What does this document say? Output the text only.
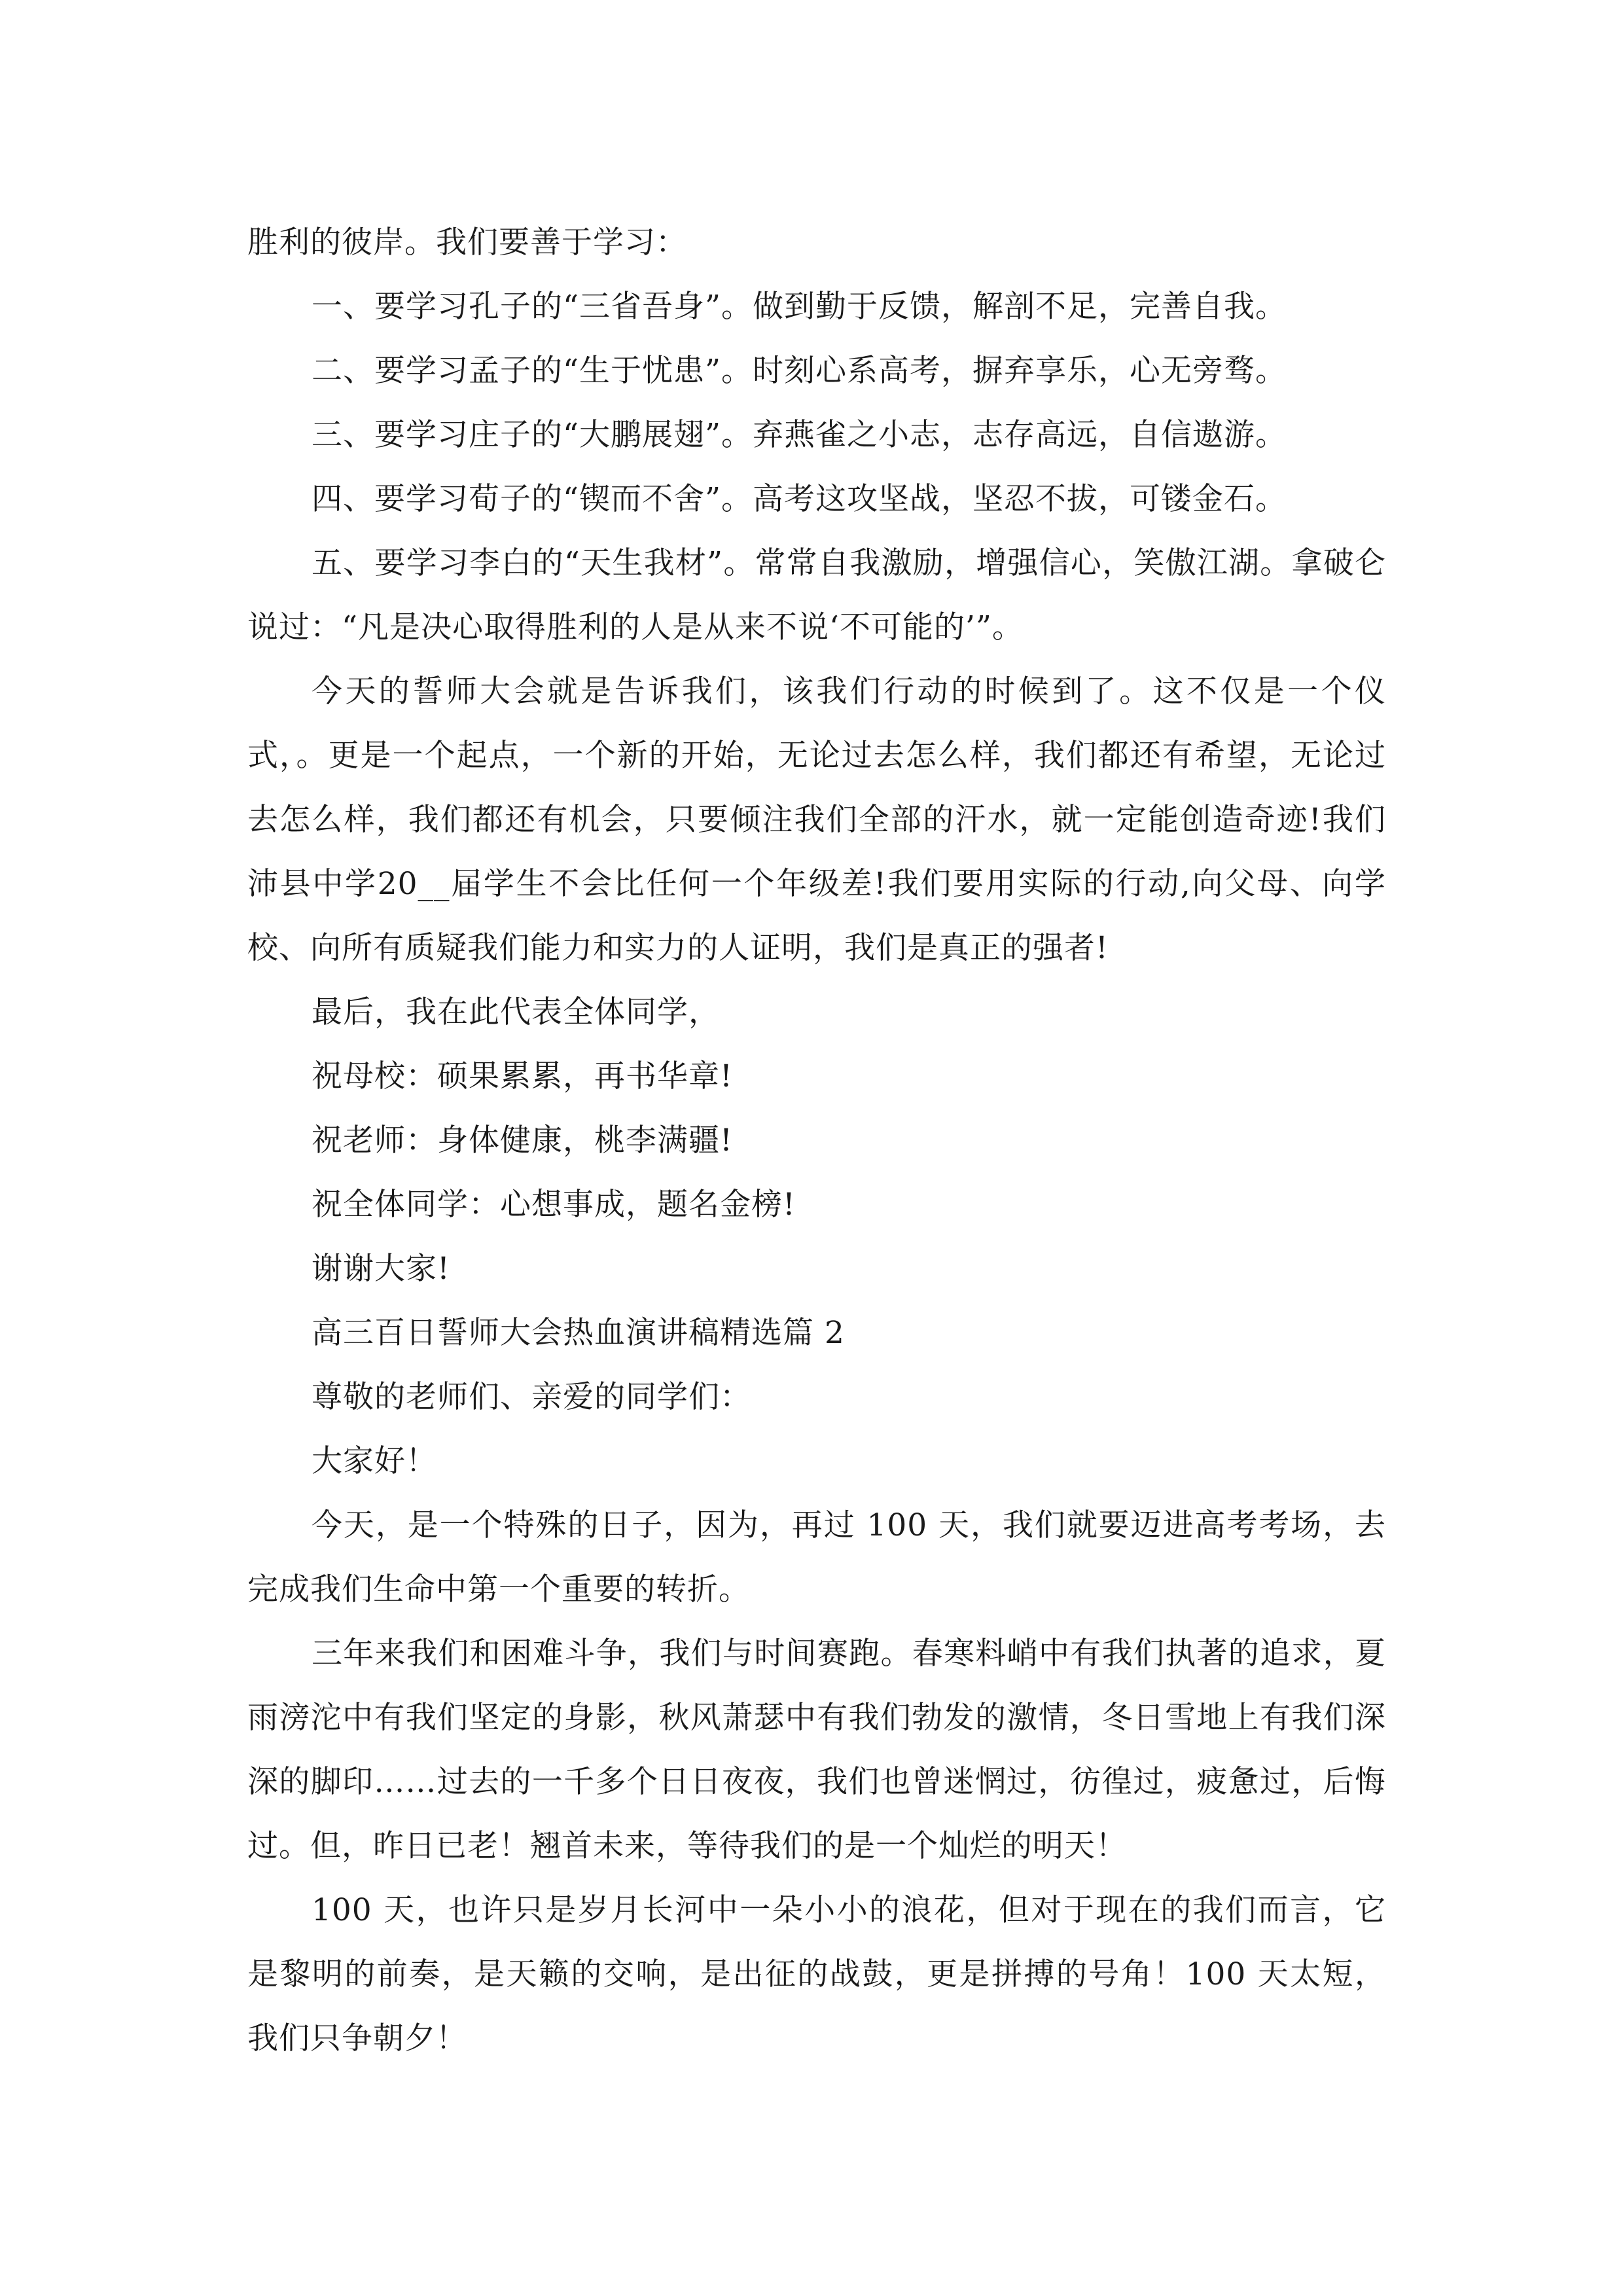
胜利的彼岸。我们要善于学习：

一、要学习孔子的“三省吾身”。做到勤于反馈，解剖不足，完善自我。

二、要学习孟子的“生于忧患”。时刻心系高考，摒弃享乐，心无旁骛。

三、要学习庄子的“大鹏展翅”。弃燕雀之小志，志存高远，自信遨游。

四、要学习荀子的“锲而不舍”。高考这攻坚战，坚忍不拔，可镂金石。

五、要学习李白的“天生我材”。常常自我激励，增强信心，笑傲江湖。拿破仑说过：“凡是决心取得胜利的人是从来不说‘不可能的’”。

今天的誓师大会就是告诉我们，该我们行动的时候到了。这不仅是一个仪式，。更是一个起点，一个新的开始，无论过去怎么样，我们都还有希望，无论过去怎么样，我们都还有机会，只要倾注我们全部的汗水，就一定能创造奇迹!我们沛县中学20__届学生不会比任何一个年级差!我们要用实际的行动,向父母、向学校、向所有质疑我们能力和实力的人证明，我们是真正的强者!

最后，我在此代表全体同学，

祝母校：硕果累累，再书华章!

祝老师：身体健康，桃李满疆!

祝全体同学：心想事成，题名金榜!

谢谢大家!

高三百日誓师大会热血演讲稿精选篇 2

尊敬的老师们、亲爱的同学们：

大家好！

今天，是一个特殊的日子，因为，再过 100 天，我们就要迈进高考考场，去完成我们生命中第一个重要的转折。

三年来我们和困难斗争，我们与时间赛跑。春寒料峭中有我们执著的追求，夏雨滂沱中有我们坚定的身影，秋风萧瑟中有我们勃发的激情，冬日雪地上有我们深深的脚印……过去的一千多个日日夜夜，我们也曾迷惘过，彷徨过，疲惫过，后悔过。但，昨日已老！翘首未来，等待我们的是一个灿烂的明天！

100 天，也许只是岁月长河中一朵小小的浪花，但对于现在的我们而言，它是黎明的前奏，是天籁的交响，是出征的战鼓，更是拼搏的号角！100 天太短，我们只争朝夕！
